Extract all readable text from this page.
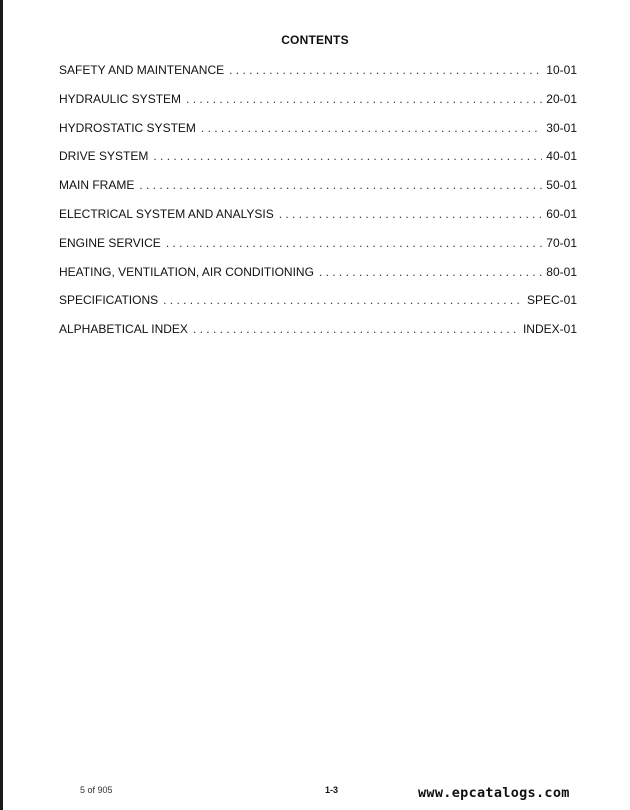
CONTENTS
SAFETY AND MAINTENANCE . . .	10-01
HYDRAULIC SYSTEM . . .	20-01
HYDROSTATIC SYSTEM . . .	30-01
DRIVE SYSTEM . . .	40-01
MAIN FRAME . . .	50-01
ELECTRICAL SYSTEM AND ANALYSIS . . .	60-01
ENGINE SERVICE . . .	70-01
HEATING, VENTILATION, AIR CONDITIONING . . .	80-01
SPECIFICATIONS . . .	SPEC-01
ALPHABETICAL INDEX . . .	INDEX-01
5 of 905	1-3	www.epcatalogs.com
